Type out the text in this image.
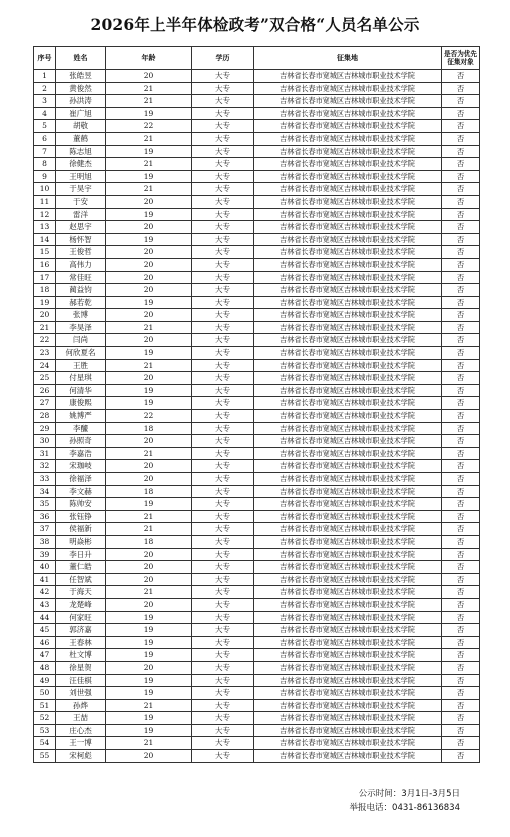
2026年上半年体检政考”双合格“人员名单公示
序号	姓名	年龄	学历	征集地	是否为优先征集对象
1	张皓昱	20	大专	吉林省长春市宽城区吉林城市职业技术学院	否
2	黄俊然	21	大专	吉林省长春市宽城区吉林城市职业技术学院	否
3	孙洪涛	21	大专	吉林省长春市宽城区吉林城市职业技术学院	否
4	崔广旭	19	大专	吉林省长春市宽城区吉林城市职业技术学院	否
5	胡敬	22	大专	吉林省长春市宽城区吉林城市职业技术学院	否
6	董鹤	21	大专	吉林省长春市宽城区吉林城市职业技术学院	否
7	陈志旭	19	大专	吉林省长春市宽城区吉林城市职业技术学院	否
8	徐健杰	21	大专	吉林省长春市宽城区吉林城市职业技术学院	否
9	王明旭	19	大专	吉林省长春市宽城区吉林城市职业技术学院	否
10	于昊宇	21	大专	吉林省长春市宽城区吉林城市职业技术学院	否
11	于安	20	大专	吉林省长春市宽城区吉林城市职业技术学院	否
12	雷洋	19	大专	吉林省长春市宽城区吉林城市职业技术学院	否
13	赵思宇	20	大专	吉林省长春市宽城区吉林城市职业技术学院	否
14	杨怀智	19	大专	吉林省长春市宽城区吉林城市职业技术学院	否
15	王俊哲	20	大专	吉林省长春市宽城区吉林城市职业技术学院	否
16	高伟力	20	大专	吉林省长春市宽城区吉林城市职业技术学院	否
17	常佳旺	20	大专	吉林省长春市宽城区吉林城市职业技术学院	否
18	蔺益钧	20	大专	吉林省长春市宽城区吉林城市职业技术学院	否
19	郝若乾	19	大专	吉林省长春市宽城区吉林城市职业技术学院	否
20	张博	20	大专	吉林省长春市宽城区吉林城市职业技术学院	否
21	李昊泽	21	大专	吉林省长春市宽城区吉林城市职业技术学院	否
22	闫尚	20	大专	吉林省长春市宽城区吉林城市职业技术学院	否
23	何欣夏名	19	大专	吉林省长春市宽城区吉林城市职业技术学院	否
24	王胜	21	大专	吉林省长春市宽城区吉林城市职业技术学院	否
25	付星琪	20	大专	吉林省长春市宽城区吉林城市职业技术学院	否
26	何清华	19	大专	吉林省长春市宽城区吉林城市职业技术学院	否
27	康俊熙	19	大专	吉林省长春市宽城区吉林城市职业技术学院	否
28	姚博严	22	大专	吉林省长春市宽城区吉林城市职业技术学院	否
29	李醵	18	大专	吉林省长春市宽城区吉林城市职业技术学院	否
30	孙照奇	20	大专	吉林省长春市宽城区吉林城市职业技术学院	否
31	李嘉浩	21	大专	吉林省长春市宽城区吉林城市职业技术学院	否
32	宋珈岐	20	大专	吉林省长春市宽城区吉林城市职业技术学院	否
33	徐福泽	20	大专	吉林省长春市宽城区吉林城市职业技术学院	否
34	李文赫	18	大专	吉林省长春市宽城区吉林城市职业技术学院	否
35	陈帅安	19	大专	吉林省长春市宽城区吉林城市职业技术学院	否
36	张钰铮	21	大专	吉林省长春市宽城区吉林城市职业技术学院	否
37	侯福新	21	大专	吉林省长春市宽城区吉林城市职业技术学院	否
38	明焱彬	18	大专	吉林省长春市宽城区吉林城市职业技术学院	否
39	李日升	20	大专	吉林省长春市宽城区吉林城市职业技术学院	否
40	董仁皓	20	大专	吉林省长春市宽城区吉林城市职业技术学院	否
41	任智斌	20	大专	吉林省长春市宽城区吉林城市职业技术学院	否
42	于海天	21	大专	吉林省长春市宽城区吉林城市职业技术学院	否
43	龙楚峰	20	大专	吉林省长春市宽城区吉林城市职业技术学院	否
44	何家旺	19	大专	吉林省长春市宽城区吉林城市职业技术学院	否
45	郭济嘉	19	大专	吉林省长春市宽城区吉林城市职业技术学院	否
46	王春林	19	大专	吉林省长春市宽城区吉林城市职业技术学院	否
47	杜文博	19	大专	吉林省长春市宽城区吉林城市职业技术学院	否
48	徐星贺	20	大专	吉林省长春市宽城区吉林城市职业技术学院	否
49	汪佳棋	19	大专	吉林省长春市宽城区吉林城市职业技术学院	否
50	刘世强	19	大专	吉林省长春市宽城区吉林城市职业技术学院	否
51	孙烨	21	大专	吉林省长春市宽城区吉林城市职业技术学院	否
52	王喆	19	大专	吉林省长春市宽城区吉林城市职业技术学院	否
53	庄心杰	19	大专	吉林省长春市宽城区吉林城市职业技术学院	否
54	王一博	21	大专	吉林省长春市宽城区吉林城市职业技术学院	否
55	宋柯彪	20	大专	吉林省长春市宽城区吉林城市职业技术学院	否
公示时间：3月1日-3月5日
举报电话：0431-86136834
